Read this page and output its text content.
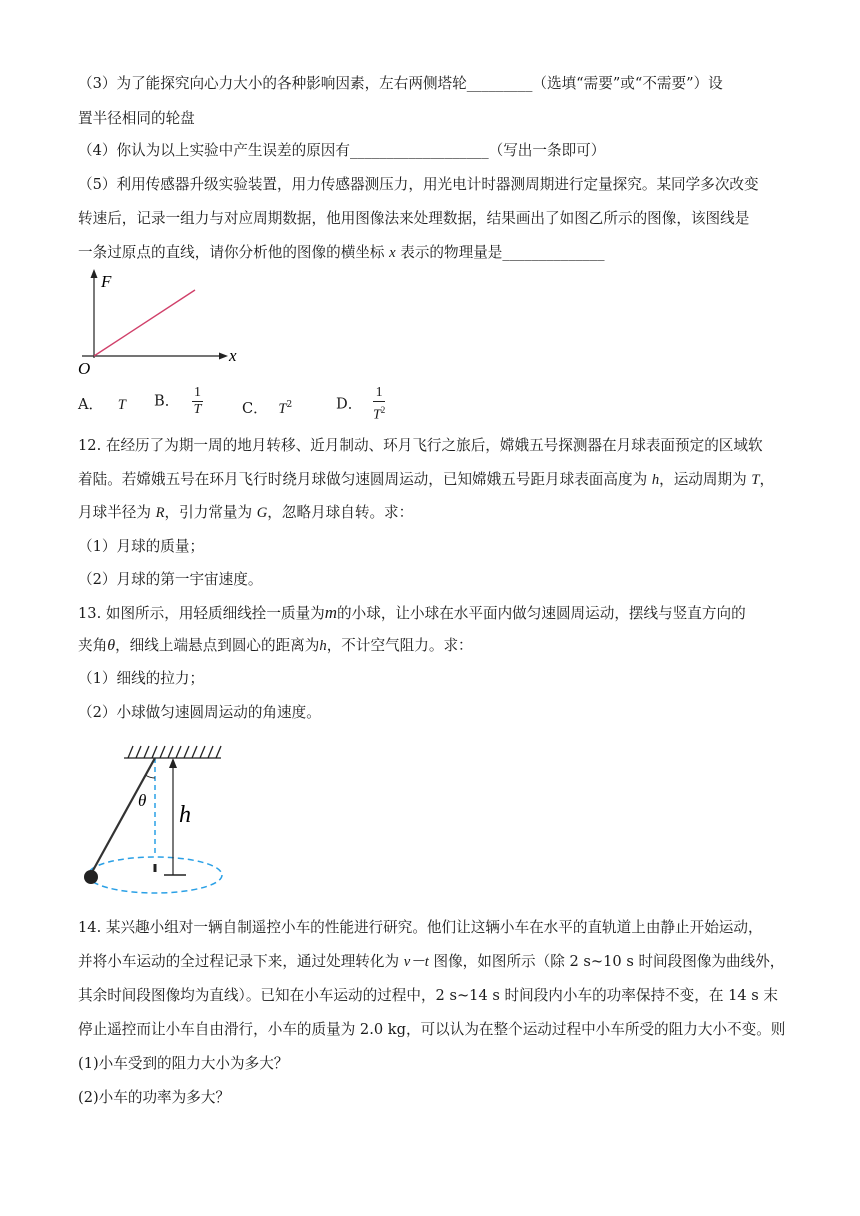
（3）为了能探究向心力大小的各种影响因素，左右两侧塔轮_________（选填“需要”或“不需要”）设
置半径相同的轮盘
（4）你认为以上实验中产生误差的原因有___________________（写出一条即可）
（5）利用传感器升级实验装置，用力传感器测压力，用光电计时器测周期进行定量探究。某同学多次改变
转速后，记录一组力与对应周期数据，他用图像法来处理数据，结果画出了如图乙所示的图像，该图线是
一条过原点的直线，请你分析他的图像的横坐标 x 表示的物理量是______________
F
x
O
A． T B． $\frac{1}{T}$	C． $T^2$	D． $\frac{1}{T^2}$
12. 在经历了为期一周的地月转移、近月制动、环月飞行之旅后，嫦娥五号探测器在月球表面预定的区域软
着陆。若嫦娥五号在环月飞行时绕月球做匀速圆周运动，已知嫦娥五号距月球表面高度为 h，运动周期为 T，
月球半径为 R，引力常量为 G，忽略月球自转。求：
（1）月球的质量；
（2）月球的第一宇宙速度。
13. 如图所示，用轻质细线拴一质量为m的小球，让小球在水平面内做匀速圆周运动，摆线与竖直方向的
夹角θ，细线上端悬点到圆心的距离为h，不计空气阻力。求：
（1）细线的拉力；
（2）小球做匀速圆周运动的角速度。
θ
h
14. 某兴趣小组对一辆自制遥控小车的性能进行研究。他们让这辆小车在水平的直轨道上由静止开始运动，
并将小车运动的全过程记录下来，通过处理转化为 v－t 图像，如图所示（除 2 s~10 s 时间段图像为曲线外，
其余时间段图像均为直线）。已知在小车运动的过程中，2 s~14 s 时间段内小车的功率保持不变，在 14 s 末
停止遥控而让小车自由滑行，小车的质量为 2.0 kg，可以认为在整个运动过程中小车所受的阻力大小不变。则
(1)小车受到的阻力大小为多大？
(2)小车的功率为多大？
